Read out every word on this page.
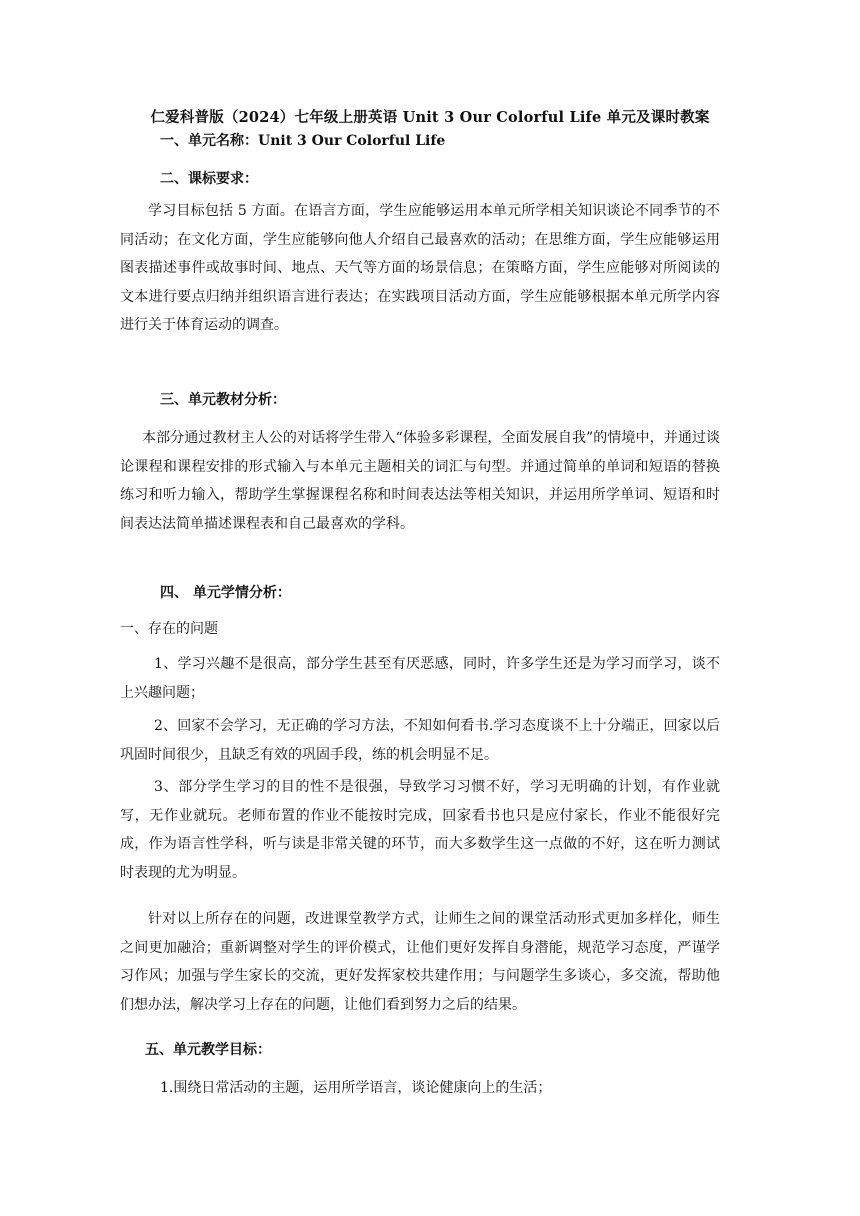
仁爱科普版（2024）七年级上册英语 Unit 3 Our Colorful Life 单元及课时教案
一、单元名称：Unit 3 Our Colorful Life
二、课标要求：
学习目标包括 5 方面。在语言方面，学生应能够运用本单元所学相关知识谈论不同季节的不同活动；在文化方面，学生应能够向他人介绍自己最喜欢的活动；在思维方面，学生应能够运用图表描述事件或故事时间、地点、天气等方面的场景信息；在策略方面，学生应能够对所阅读的文本进行要点归纳并组织语言进行表达；在实践项目活动方面，学生应能够根据本单元所学内容进行关于体育运动的调查。
三、单元教材分析：
本部分通过教材主人公的对话将学生带入“体验多彩课程，全面发展自我”的情境中，并通过谈论课程和课程安排的形式输入与本单元主题相关的词汇与句型。并通过简单的单词和短语的替换练习和听力输入，帮助学生掌握课程名称和时间表达法等相关知识，并运用所学单词、短语和时间表达法简单描述课程表和自己最喜欢的学科。
四、 单元学情分析：
一、存在的问题
1、学习兴趣不是很高，部分学生甚至有厌恶感，同时，许多学生还是为学习而学习，谈不上兴趣问题；
2、回家不会学习，无正确的学习方法，不知如何看书.学习态度谈不上十分端正，回家以后巩固时间很少，且缺乏有效的巩固手段，练的机会明显不足。
3、部分学生学习的目的性不是很强，导致学习习惯不好，学习无明确的计划，有作业就写，无作业就玩。老师布置的作业不能按时完成，回家看书也只是应付家长，作业不能很好完成，作为语言性学科，听与读是非常关键的环节，而大多数学生这一点做的不好，这在听力测试时表现的尤为明显。
针对以上所存在的问题，改进课堂教学方式，让师生之间的课堂活动形式更加多样化，师生之间更加融洽；重新调整对学生的评价模式，让他们更好发挥自身潜能，规范学习态度，严谨学习作风；加强与学生家长的交流，更好发挥家校共建作用；与问题学生多谈心，多交流，帮助他们想办法，解决学习上存在的问题，让他们看到努力之后的结果。
五、单元教学目标：
1.围绕日常活动的主题，运用所学语言，谈论健康向上的生活；
